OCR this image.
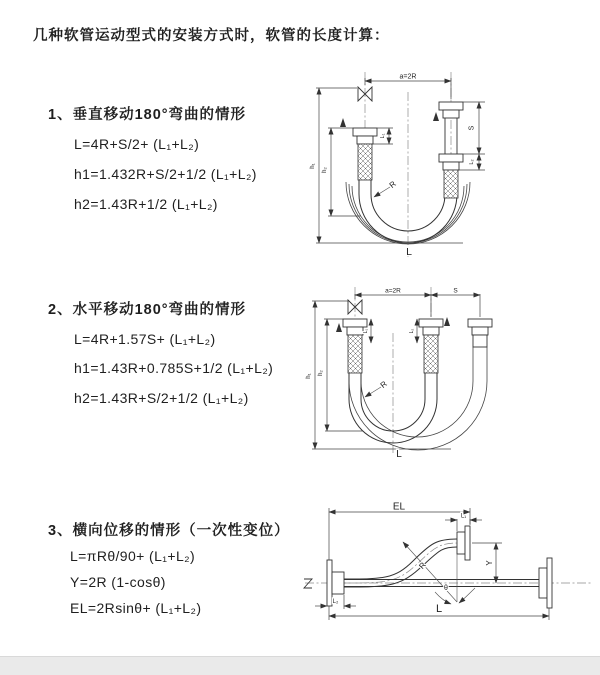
几种软管运动型式的安装方式时，软管的长度计算：
1、垂直移动180°弯曲的情形
L=4R+S/2+ (L₁+L₂)
h1=1.432R+S/2+1/2 (L₁+L₂)
h2=1.43R+1/2 (L₁+L₂)
2、水平移动180°弯曲的情形
L=4R+1.57S+ (L₁+L₂)
h1=1.43R+0.785S+1/2 (L₁+L₂)
h2=1.43R+S/2+1/2 (L₁+L₂)
3、横向位移的情形（一次性变位）
L=πRθ/90+ (L₁+L₂)
Y=2R (1-cosθ)
EL=2Rsinθ+ (L₁+L₂)
a=2R
S
L₂
L₁
h₁
h₂
L
R
a=2R	S
L₁	L₂
h₁
h₂
L
R
EL
L₁
Y
R
θ
L₂
L
